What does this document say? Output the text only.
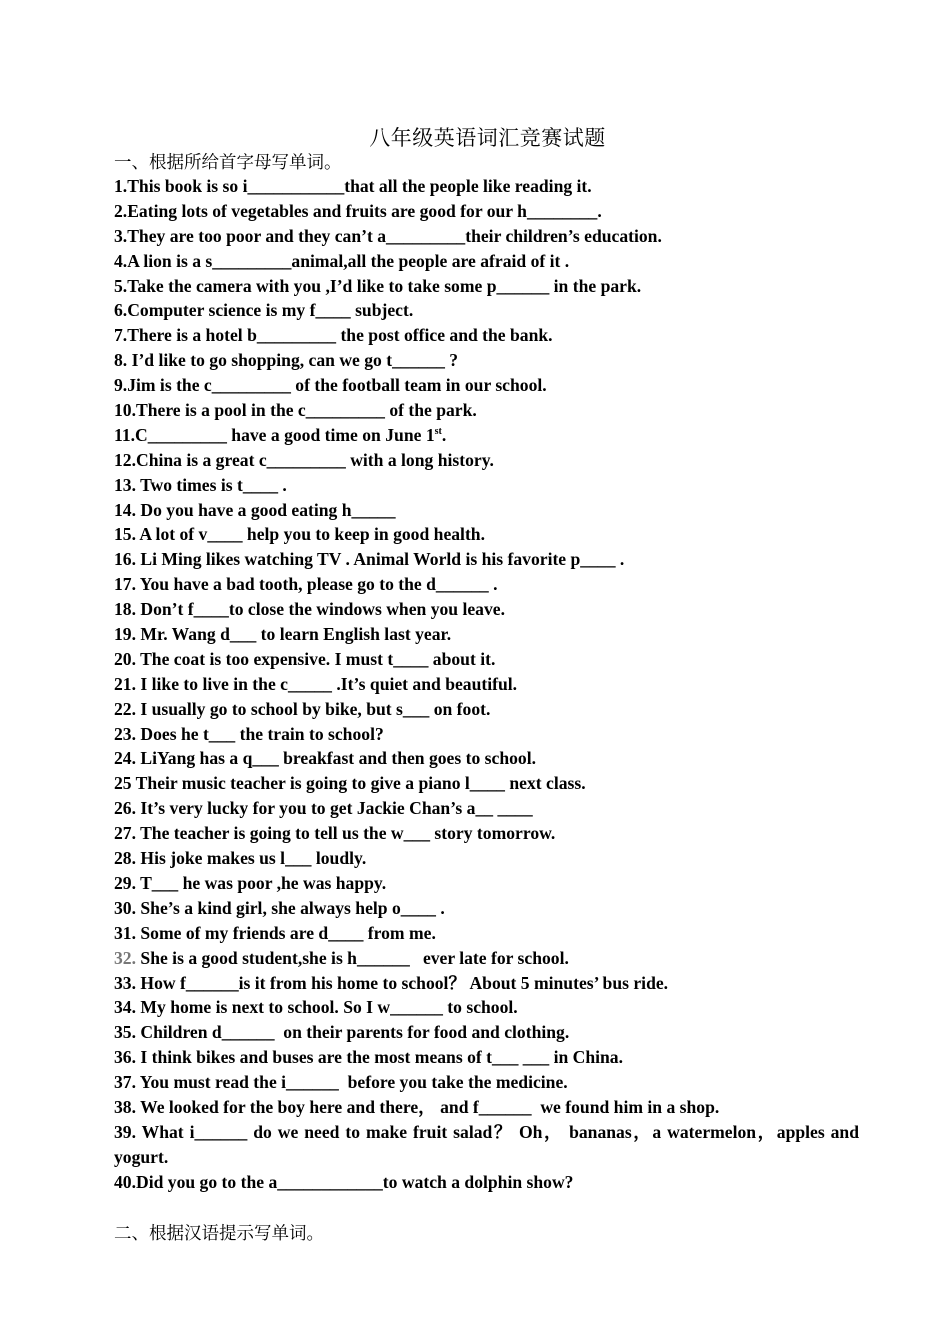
八年级英语词汇竞赛试题
一、根据所给首字母写单词。
1.This book is so i___________that all the people like reading it.
2.Eating lots of vegetables and fruits are good for our h________.
3.They are too poor and they can’t a_________their children’s education.
4.A lion is a s_________animal,all the people are afraid of it .
5.Take the camera with you ,I’d like to take some p______ in the park.
6.Computer science is my f____ subject.
7.There is a hotel b_________ the post office and the bank.
8. I’d like to go shopping, can we go t______ ?
9.Jim is the c_________ of the football team in our school.
10.There is a pool in the c_________ of the park.
11.C_________ have a good time on June 1st.
12.China is a great c_________ with a long history.
13. Two times is t____ .
14. Do you have a good eating h_____
15. A lot of v____ help you to keep in good health.
16. Li Ming likes watching TV . Animal World is his favorite p____ .
17. You have a bad tooth, please go to the d______ .
18. Don’t f____to close the windows when you leave.
19. Mr. Wang d___ to learn English last year.
20. The coat is too expensive. I must t____ about it.
21. I like to live in the c_____ .It’s quiet and beautiful.
22. I usually go to school by bike, but s___ on foot.
23. Does he t___ the train to school?
24. LiYang has a q___ breakfast and then goes to school.
25 Their music teacher is going to give a piano l____ next class.
26. It’s very lucky for you to get Jackie Chan’s a__ ____
27. The teacher is going to tell us the w___ story tomorrow.
28. His joke makes us l___ loudly.
29. T___ he was poor ,he was happy.
30. She’s a kind girl, she always help o____ .
31. Some of my friends are d____ from me.
32. She is a good student,she is h______   ever late for school.
33. How f______is it from his home to school？ About 5 minutes’ bus ride.
34. My home is next to school. So I w______ to school.
35. Children d______  on their parents for food and clothing.
36. I think bikes and buses are the most means of t___ ___ in China.
37. You must read the i______  before you take the medicine.
38. We looked for the boy here and there， and f______  we found him in a shop.
39. What i______ do we need to make fruit salad？ Oh， bananas，a watermelon，apples and yogurt.
40.Did you go to the a____________to watch a dolphin show?
二、根据汉语提示写单词。
